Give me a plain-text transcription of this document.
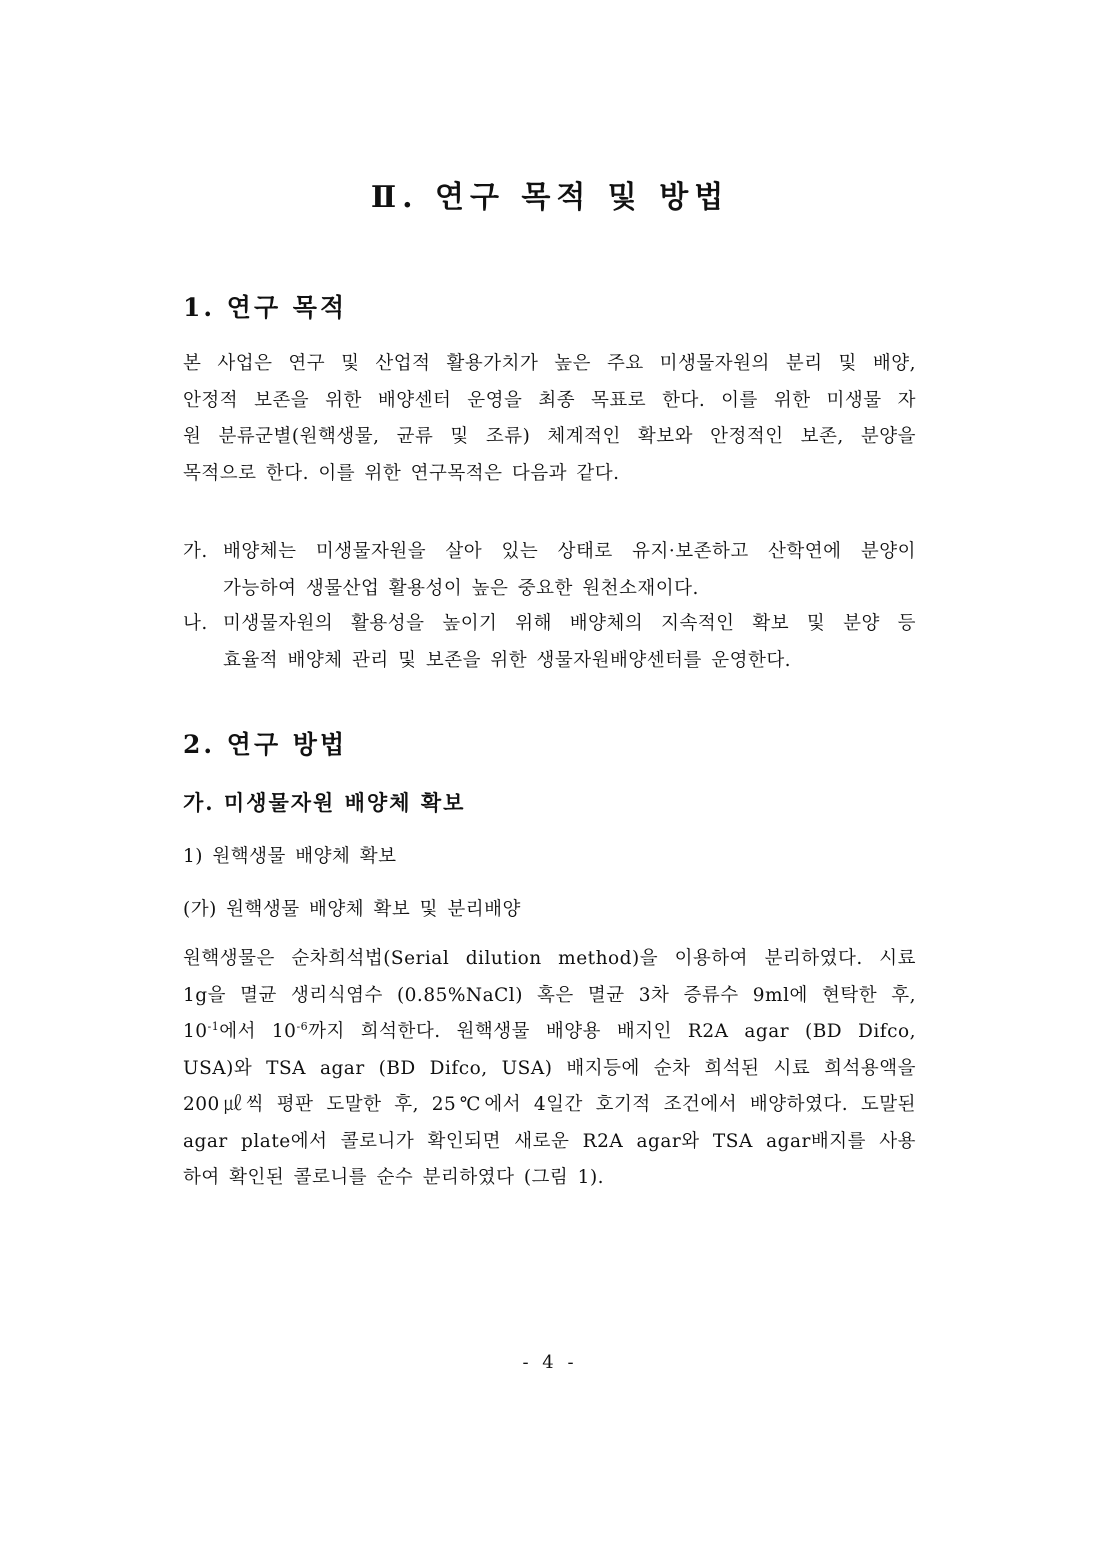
Ⅱ. 연구 목적 및 방법
1. 연구 목적
본 사업은 연구 및 산업적 활용가치가 높은 주요 미생물자원의 분리 및 배양,
안정적 보존을 위한 배양센터 운영을 최종 목표로 한다. 이를 위한 미생물 자
원 분류군별(원핵생물, 균류 및 조류) 체계적인 확보와 안정적인 보존, 분양을
목적으로 한다. 이를 위한 연구목적은 다음과 같다.
가. 배양체는 미생물자원을 살아 있는 상태로 유지·보존하고 산학연에 분양이
가능하여 생물산업 활용성이 높은 중요한 원천소재이다.
나. 미생물자원의 활용성을 높이기 위해 배양체의 지속적인 확보 및 분양 등
효율적 배양체 관리 및 보존을 위한 생물자원배양센터를 운영한다.
2. 연구 방법
가. 미생물자원 배양체 확보
1) 원핵생물 배양체 확보
(가) 원핵생물 배양체 확보 및 분리배양
원핵생물은 순차희석법(Serial dilution method)을 이용하여 분리하였다. 시료
1g을 멸균 생리식염수 (0.85%NaCl) 혹은 멸균 3차 증류수 9ml에 현탁한 후,
$10^{-1}$에서 $10^{-6}$까지 희석한다. 원핵생물 배양용 배지인 R2A agar (BD Difco,
USA)와 TSA agar (BD Difco, USA) 배지등에 순차 희석된 시료 희석용액을
200㎕씩 평판 도말한 후, 25℃에서 4일간 호기적 조건에서 배양하였다. 도말된
agar plate에서 콜로니가 확인되면 새로운 R2A agar와 TSA agar배지를 사용
하여 확인된 콜로니를 순수 분리하였다 (그림 1).
- 4 -
